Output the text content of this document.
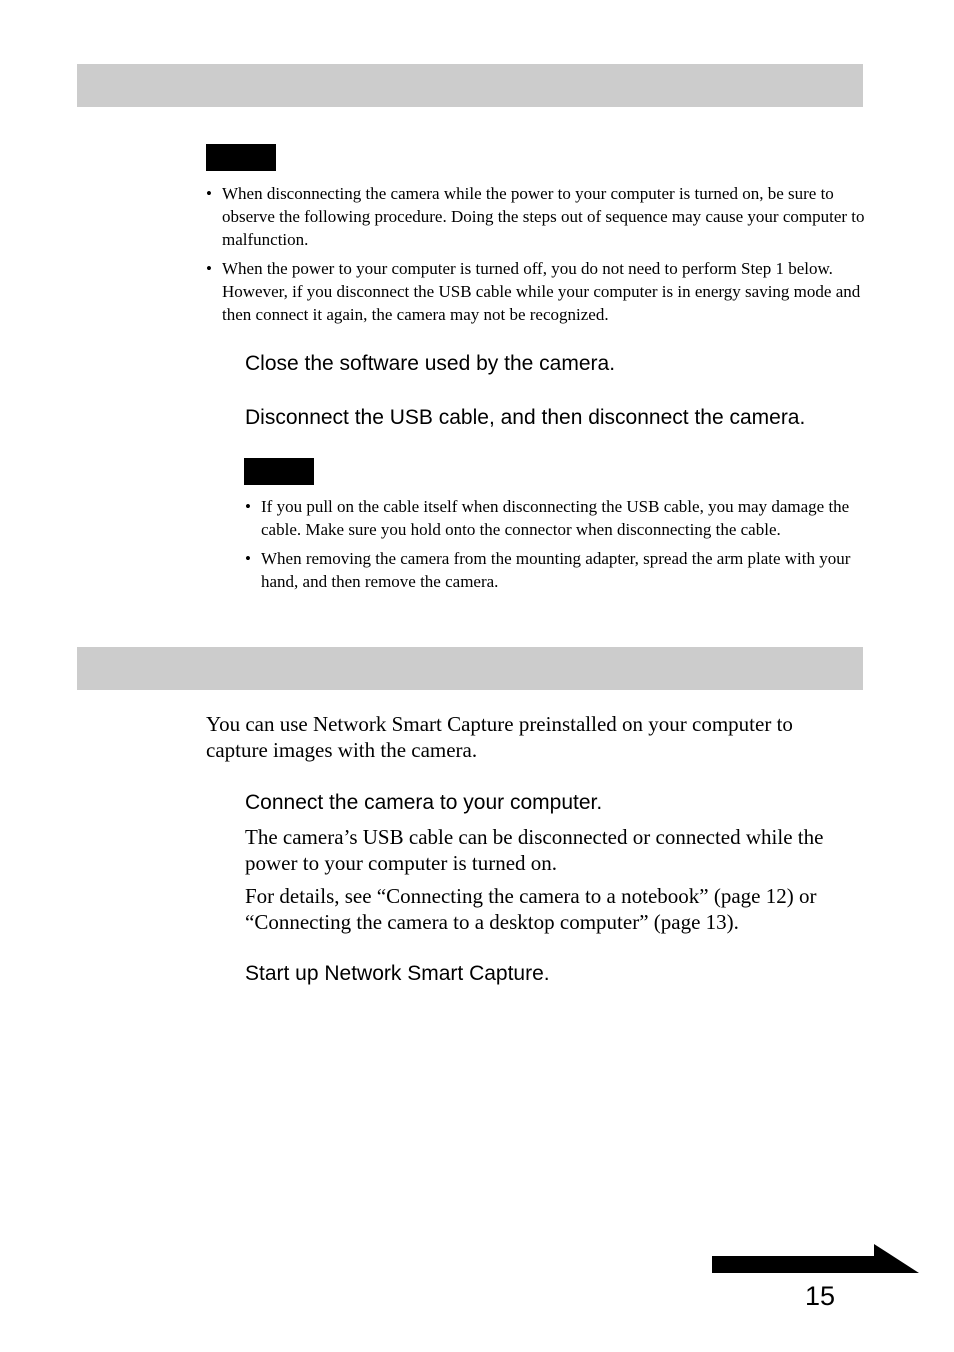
• When disconnecting the camera while the power to your computer is turned on, be sure to observe the following procedure. Doing the steps out of sequence may cause your computer to malfunction.
• When the power to your computer is turned off, you do not need to perform Step 1 below. However, if you disconnect the USB cable while your computer is in energy saving mode and then connect it again, the camera may not be recognized.
Close the software used by the camera.
Disconnect the USB cable, and then disconnect the camera.
• If you pull on the cable itself when disconnecting the USB cable, you may damage the cable. Make sure you hold onto the connector when disconnecting the cable.
• When removing the camera from the mounting adapter, spread the arm plate with your hand, and then remove the camera.

You can use Network Smart Capture preinstalled on your computer to capture images with the camera.

Connect the camera to your computer.

The camera’s USB cable can be disconnected or connected while the power to your computer is turned on.

For details, see “Connecting the camera to a notebook” (page 12) or “Connecting the camera to a desktop computer” (page 13).

Start up Network Smart Capture.
15
